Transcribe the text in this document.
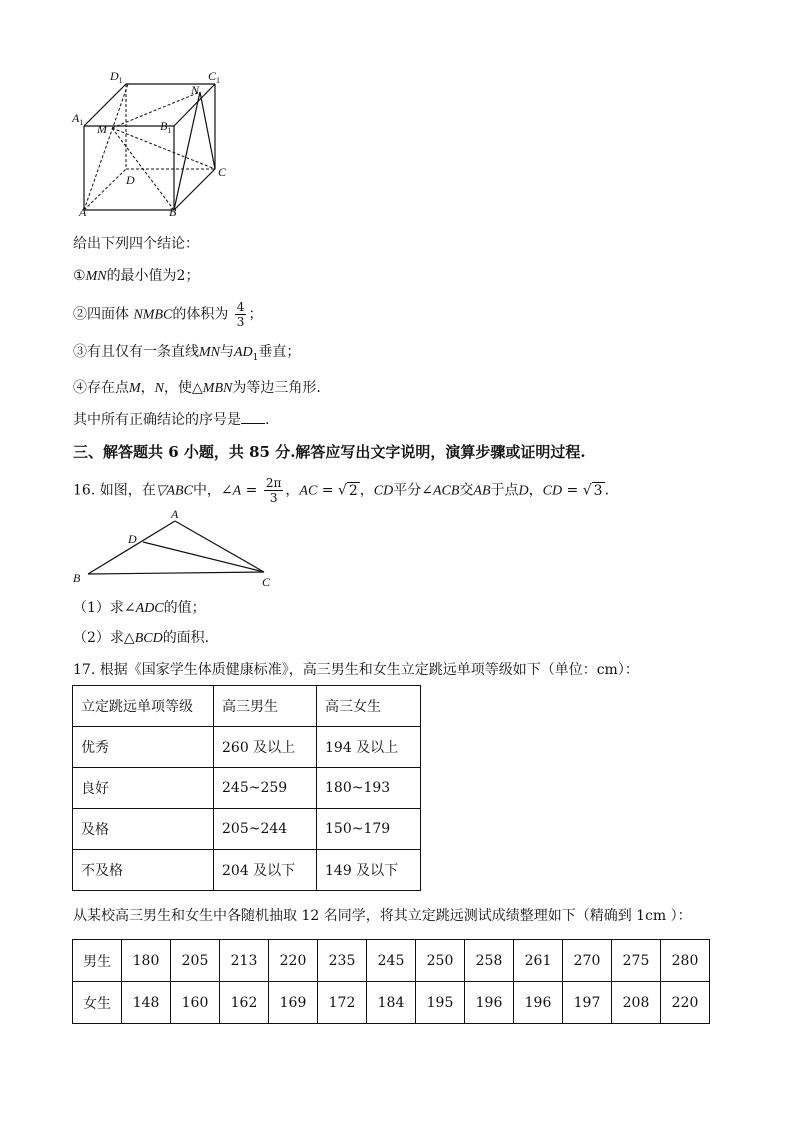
$D_1$	$C_1$
$A_1$	$B_1$
M
N
D
C
A	B
给出下列四个结论：
①MN的最小值为2；
②四面体 NMBC的体积为 $\frac{4}{3}$ ；
③有且仅有一条直线MN与$AD_1$垂直；
④存在点M，N，使△MBN为等边三角形.
其中所有正确结论的序号是 .
三、解答题共 6 小题，共 85 分.解答应写出文字说明，演算步骤或证明过程.
16. 如图，在▽ABC中，∠A = $\frac{2\pi}{3}$ ，AC = √ 2 ，CD平分∠ACB交AB于点D，CD = √ 3 .
A
D
B	C
（1）求∠ADC的值；
（2）求△BCD的面积.
17. 根据《国家学生体质健康标准》，高三男生和女生立定跳远单项等级如下（单位：cm）：
立定跳远单项等级	高三男生	高三女生
优秀	260 及以上	194 及以上
良好	245~259	180~193
及格	205~244	150~179
不及格	204 及以下	149 及以下
从某校高三男生和女生中各随机抽取 12 名同学，将其立定跳远测试成绩整理如下（精确到 1cm ）：
男生	180	205	213	220	235	245	250	258	261	270	275	280
女生	148	160	162	169	172	184	195	196	196	197	208	220
